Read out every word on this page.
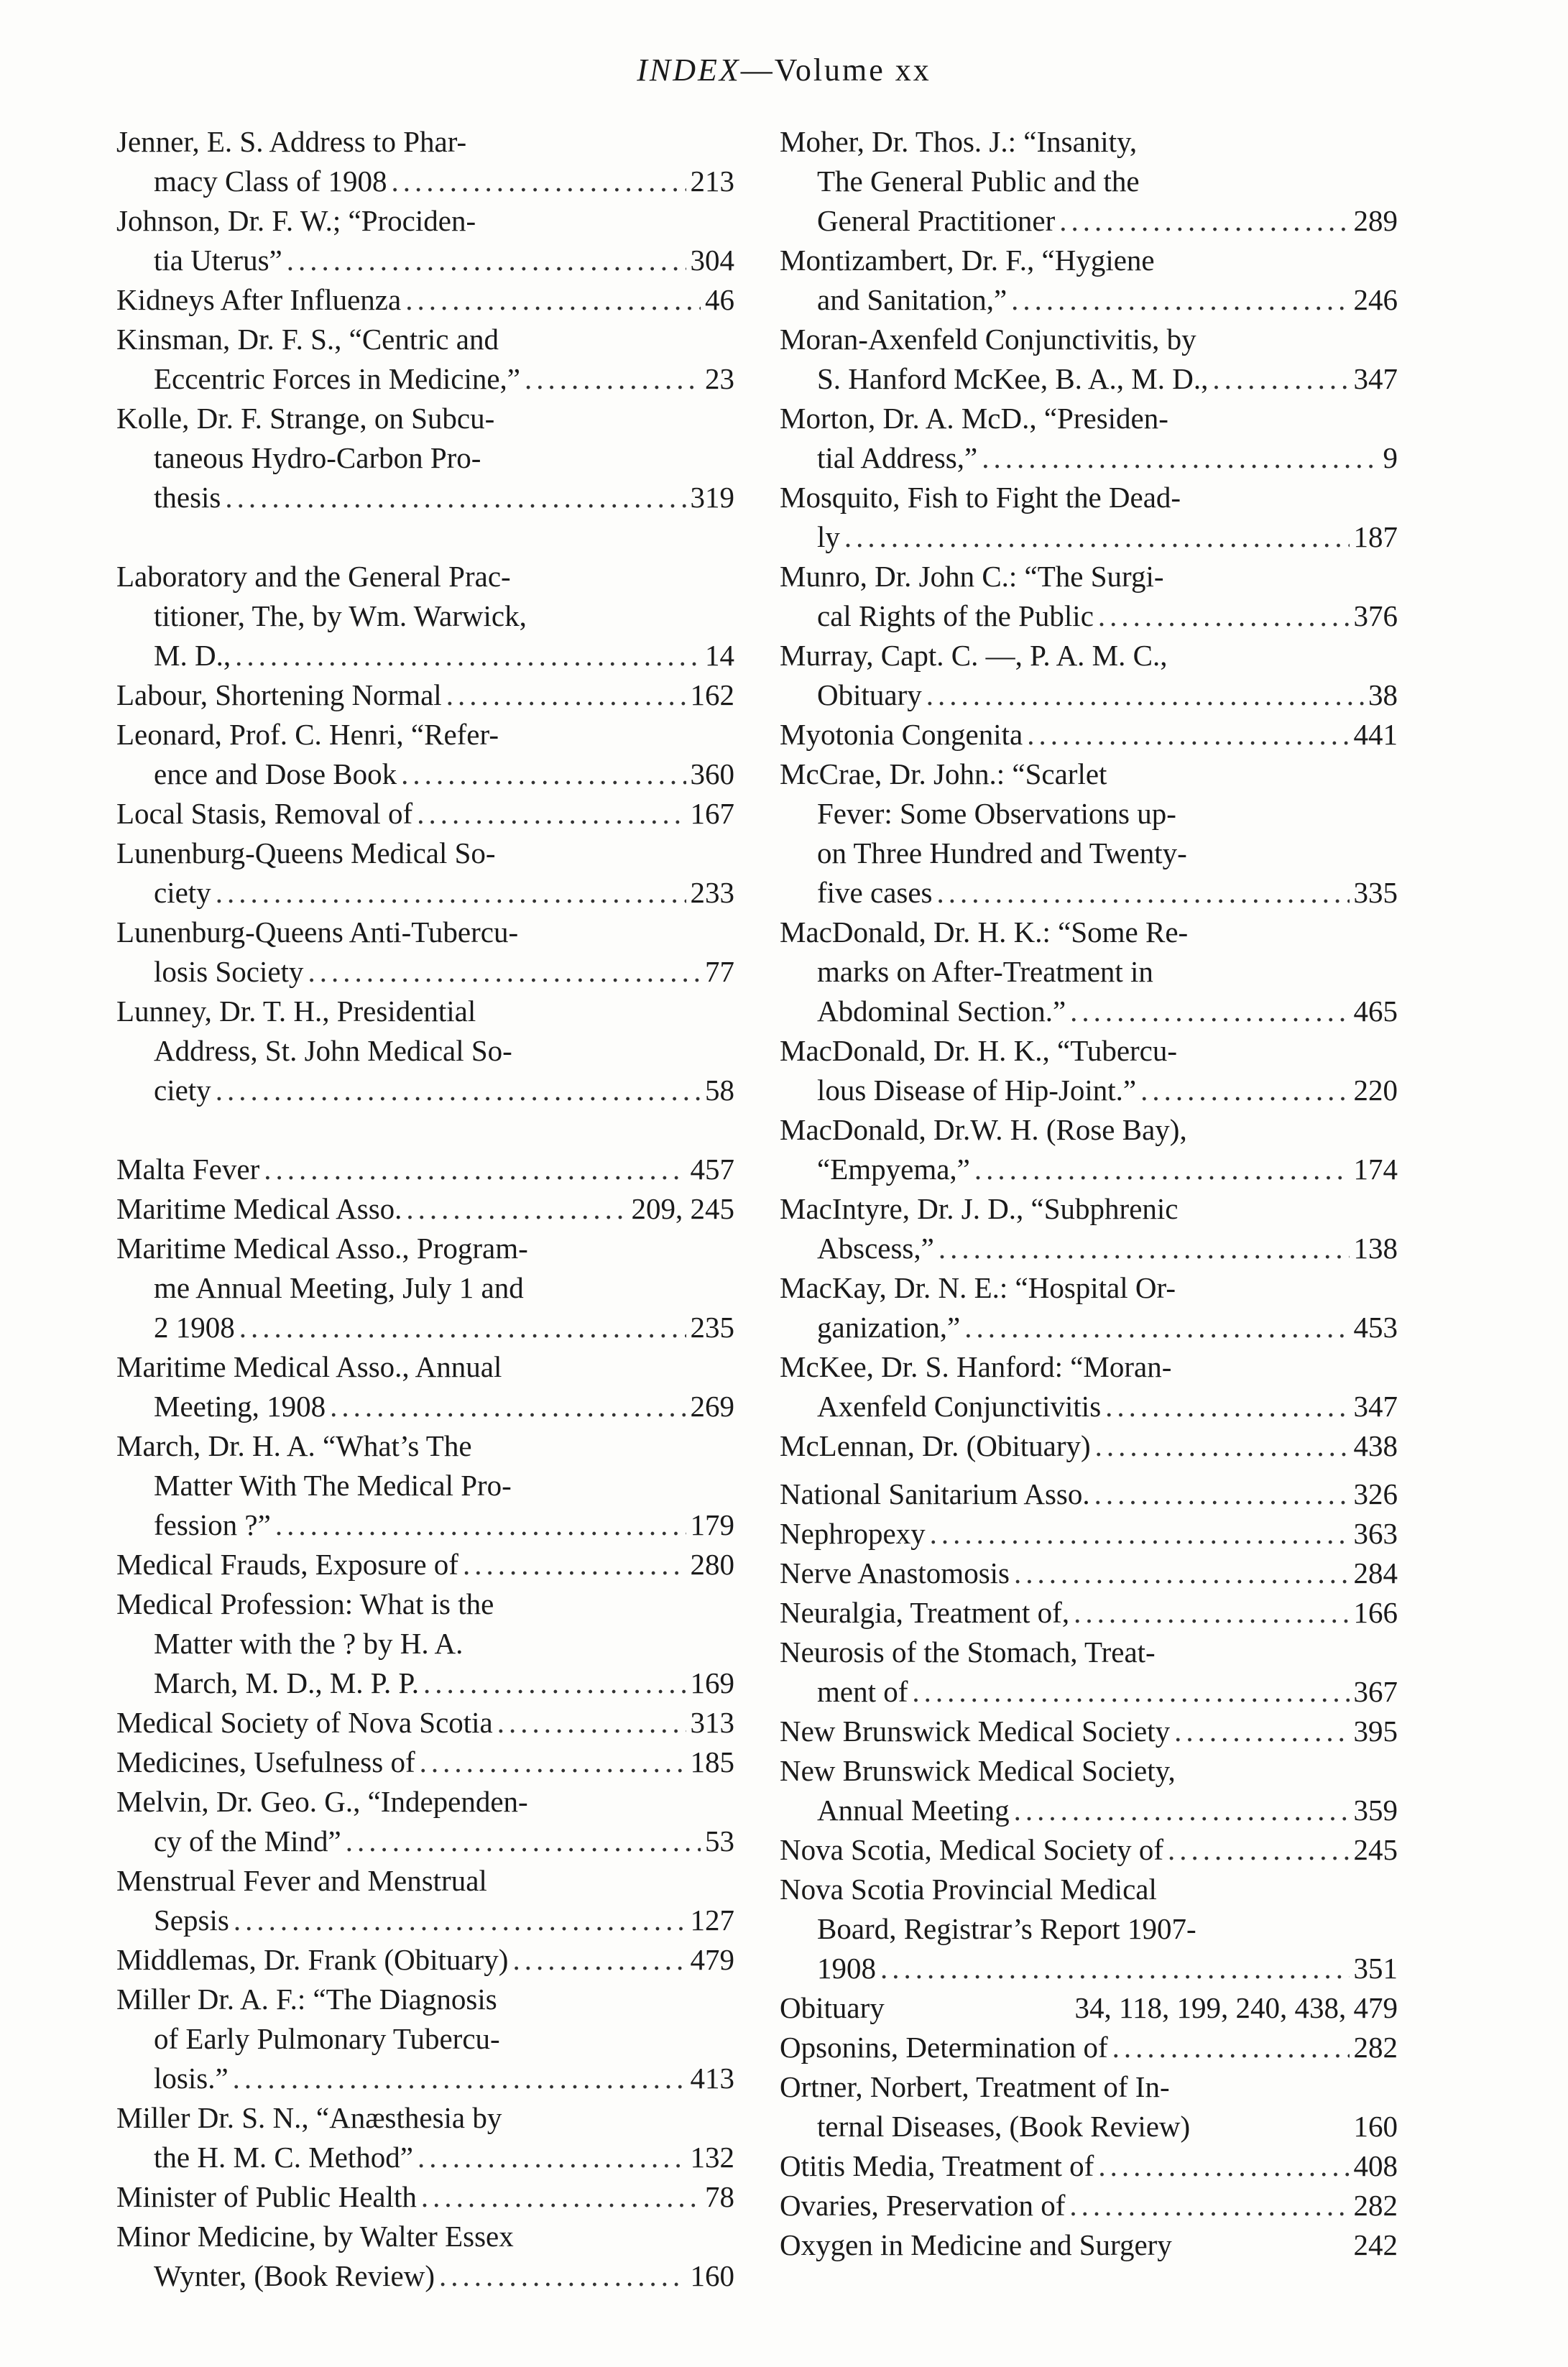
INDEX—Volume xx
Jenner, E. S. Address to Phar-
macy Class of 1908 .....	213
Johnson, Dr. F. W.; “Prociden-
tia Uterus” .....	304
Kidneys After Influenza .....	46
Kinsman, Dr. F. S., “Centric and
Eccentric Forces in Medicine,” .....	23
Kolle, Dr. F. Strange, on Subcu-
taneous Hydro-Carbon Pro-
thesis .....	319
Laboratory and the General Prac-
titioner, The, by Wm. Warwick,
M. D., .....	14
Labour, Shortening Normal .....	162
Leonard, Prof. C. Henri, “Refer-
ence and Dose Book .....	360
Local Stasis, Removal of .....	167
Lunenburg-Queens Medical So-
ciety .....	233
Lunenburg-Queens Anti-Tubercu-
losis Society .....	77
Lunney, Dr. T. H., Presidential
Address, St. John Medical So-
ciety .....	58
Malta Fever .....	457
Maritime Medical Asso. .....	209, 245
Maritime Medical Asso., Program-
me Annual Meeting, July 1 and
2 1908 .....	235
Maritime Medical Asso., Annual
Meeting, 1908 .....	269
March, Dr. H. A. “What’s The
Matter With The Medical Pro-
fession ?” .....	179
Medical Frauds, Exposure of .....	280
Medical Profession: What is the
Matter with the ? by H. A.
March, M. D., M. P. P. .....	169
Medical Society of Nova Scotia .....	313
Medicines, Usefulness of .....	185
Melvin, Dr. Geo. G., “Independen-
cy of the Mind” .....	53
Menstrual Fever and Menstrual
Sepsis .....	127
Middlemas, Dr. Frank (Obituary) .....	479
Miller Dr. A. F.: “The Diagnosis
of Early Pulmonary Tubercu-
losis.” .....	413
Miller Dr. S. N., “Anæsthesia by
the H. M. C. Method” .....	132
Minister of Public Health .....	78
Minor Medicine, by Walter Essex
Wynter, (Book Review) .....	160
Moher, Dr. Thos. J.: “Insanity,
The General Public and the
General Practitioner .....	289
Montizambert, Dr. F., “Hygiene
and Sanitation,” .....	246
Moran-Axenfeld Conjunctivitis, by
S. Hanford McKee, B. A., M. D., .....	347
Morton, Dr. A. McD., “Presiden-
tial Address,” .....	9
Mosquito, Fish to Fight the Dead-
ly .....	187
Munro, Dr. John C.: “The Surgi-
cal Rights of the Public .....	376
Murray, Capt. C. —, P. A. M. C.,
Obituary .....	38
Myotonia Congenita .....	441
McCrae, Dr. John.: “Scarlet
Fever: Some Observations up-
on Three Hundred and Twenty-
five cases .....	335
MacDonald, Dr. H. K.: “Some Re-
marks on After-Treatment in
Abdominal Section.” .....	465
MacDonald, Dr. H. K., “Tubercu-
lous Disease of Hip-Joint.” .....	220
MacDonald, Dr.W. H. (Rose Bay),
“Empyema,” .....	174
MacIntyre, Dr. J. D., “Subphrenic
Abscess,” .....	138
MacKay, Dr. N. E.: “Hospital Or-
ganization,” .....	453
McKee, Dr. S. Hanford: “Moran-
Axenfeld Conjunctivitis .....	347
McLennan, Dr. (Obituary) .....	438
National Sanitarium Asso. .....	326
Nephropexy .....	363
Nerve Anastomosis .....	284
Neuralgia, Treatment of, .....	166
Neurosis of the Stomach, Treat-
ment of .....	367
New Brunswick Medical Society .....	395
New Brunswick Medical Society,
Annual Meeting .....	359
Nova Scotia, Medical Society of .....	245
Nova Scotia Provincial Medical
Board, Registrar’s Report 1907-
1908 .....	351
Obituary	34, 118, 199, 240, 438, 479
Opsonins, Determination of .....	282
Ortner, Norbert, Treatment of In-
ternal Diseases, (Book Review)	160
Otitis Media, Treatment of .....	408
Ovaries, Preservation of .....	282
Oxygen in Medicine and Surgery	242
